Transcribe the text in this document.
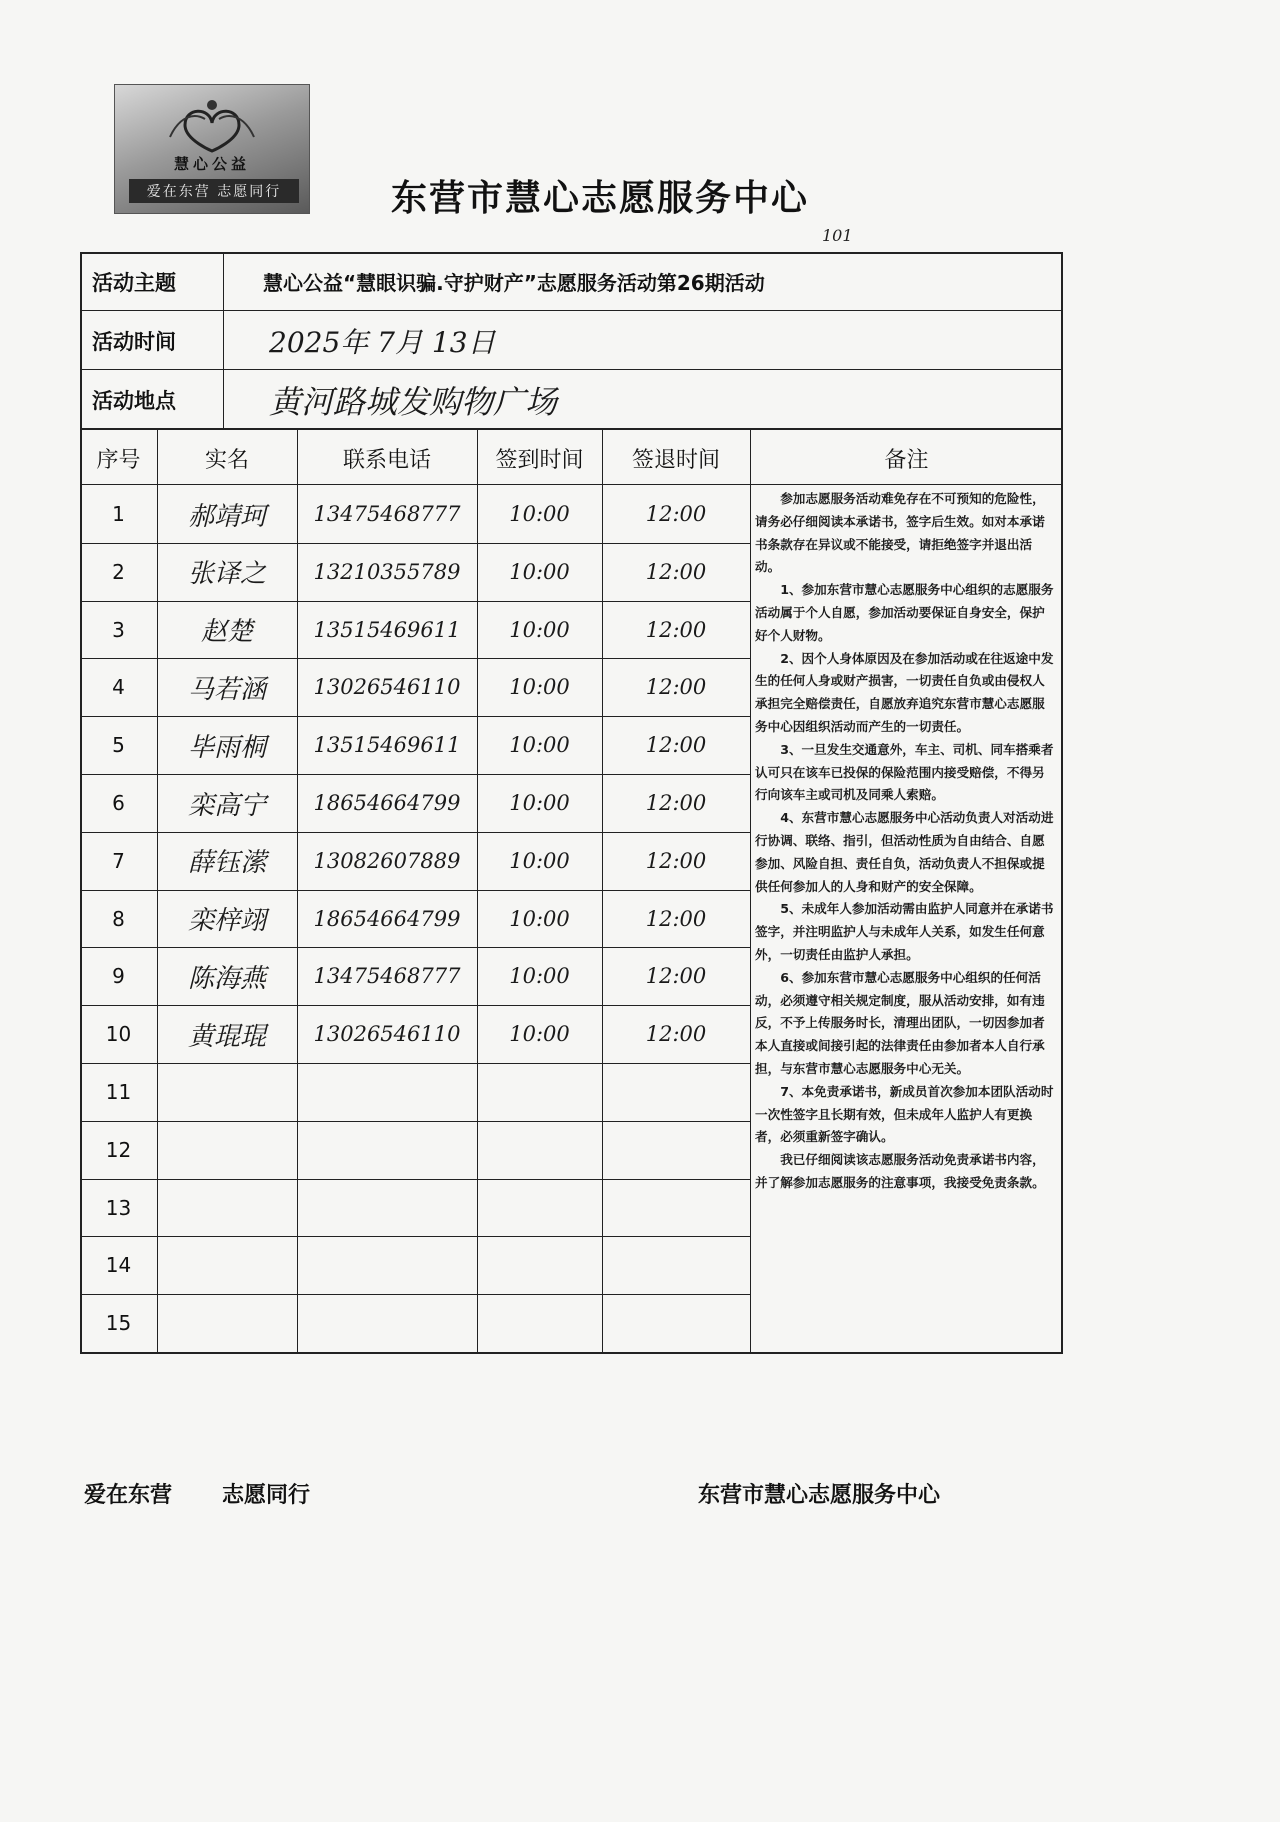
慧心公益
爱在东营 志愿同行	东营市慧心志愿服务中心
活动主题	慧心公益“慧眼识骗.守护财产”志愿服务活动第26期活动
101
活动时间	2025年 7月 13日
活动地点	黄河路城发购物广场
序号	实名	联系电话	签到时间	签退时间	备注
1	郝靖珂	13475468777	10:00	12:00
2	张译之	13210355789	10:00	12:00
3	赵楚	13515469611	10:00	12:00
4	马若涵	13026546110	10:00	12:00
5	毕雨桐	13515469611	10:00	12:00
6	栾高宁	18654664799	10:00	12:00
7	薛钰潆	13082607889	10:00	12:00
8	栾梓翊	18654664799	10:00	12:00
9	陈海燕	13475468777	10:00	12:00
10	黄琨琨	13026546110	10:00	12:00
11
12
13
14
15

参加志愿服务活动难免存在不可预知的危险性，请务必仔细阅读本承诺书，签字后生效。如对本承诺书条款存在异议或不能接受，请拒绝签字并退出活动。

1、参加东营市慧心志愿服务中心组织的志愿服务活动属于个人自愿，参加活动要保证自身安全，保护好个人财物。

2、因个人身体原因及在参加活动或在往返途中发生的任何人身或财产损害，一切责任自负或由侵权人承担完全赔偿责任，自愿放弃追究东营市慧心志愿服务中心因组织活动而产生的一切责任。

3、一旦发生交通意外，车主、司机、同车搭乘者认可只在该车已投保的保险范围内接受赔偿，不得另行向该车主或司机及同乘人索赔。

4、东营市慧心志愿服务中心活动负责人对活动进行协调、联络、指引，但活动性质为自由结合、自愿参加、风险自担、责任自负，活动负责人不担保或提供任何参加人的人身和财产的安全保障。

5、未成年人参加活动需由监护人同意并在承诺书签字，并注明监护人与未成年人关系，如发生任何意外，一切责任由监护人承担。

6、参加东营市慧心志愿服务中心组织的任何活动，必须遵守相关规定制度，服从活动安排，如有违反，不予上传服务时长，清理出团队，一切因参加者本人直接或间接引起的法律责任由参加者本人自行承担，与东营市慧心志愿服务中心无关。

7、本免责承诺书，新成员首次参加本团队活动时一次性签字且长期有效，但未成年人监护人有更换者，必须重新签字确认。

我已仔细阅读该志愿服务活动免责承诺书内容，并了解参加志愿服务的注意事项，我接受免责条款。

爱在东营 志愿同行	东营市慧心志愿服务中心
